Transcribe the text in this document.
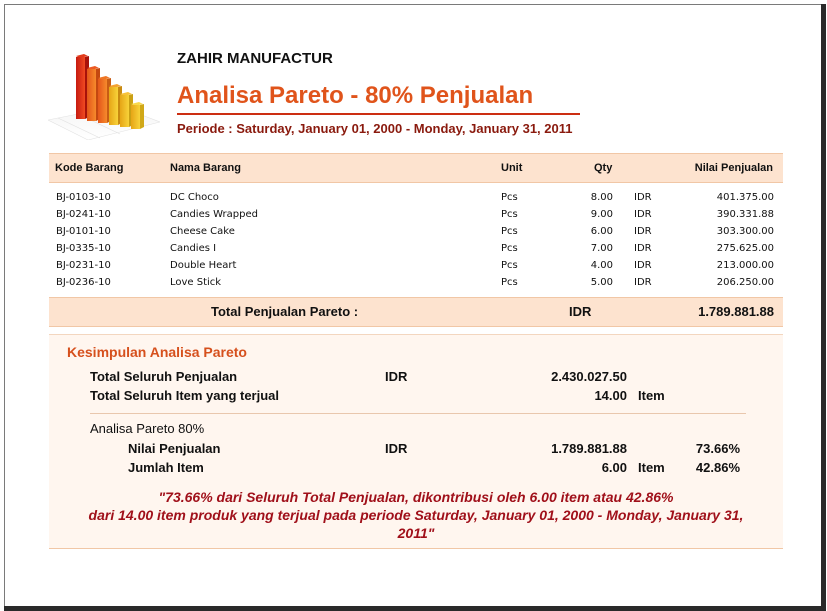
ZAHIR MANUFACTUR
Analisa Pareto - 80% Penjualan
Periode : Saturday, January 01, 2000 - Monday, January 31, 2011
Kode Barang	Nama Barang	Unit	Qty	Nilai Penjualan
BJ-0103-10	DC Choco	Pcs	8.00 IDR	401.375.00
BJ-0241-10	Candies Wrapped	Pcs	9.00 IDR	390.331.88
BJ-0101-10	Cheese Cake	Pcs	6.00 IDR	303.300.00
BJ-0335-10	Candies I	Pcs	7.00 IDR	275.625.00
BJ-0231-10	Double Heart	Pcs	4.00 IDR	213.000.00
BJ-0236-10	Love Stick	Pcs	5.00 IDR	206.250.00
Total Penjualan Pareto :	IDR	1.789.881.88
Kesimpulan Analisa Pareto
Total Seluruh Penjualan	IDR	2.430.027.50
Total Seluruh Item yang terjual	14.00 Item
Analisa Pareto 80%
Nilai Penjualan	IDR	1.789.881.88	73.66%
Jumlah Item	6.00 Item 42.86%
"73.66% dari Seluruh Total Penjualan, dikontribusi oleh 6.00 item atau 42.86%
dari 14.00 item produk yang terjual pada periode Saturday, January 01, 2000 - Monday, January 31,
2011"
